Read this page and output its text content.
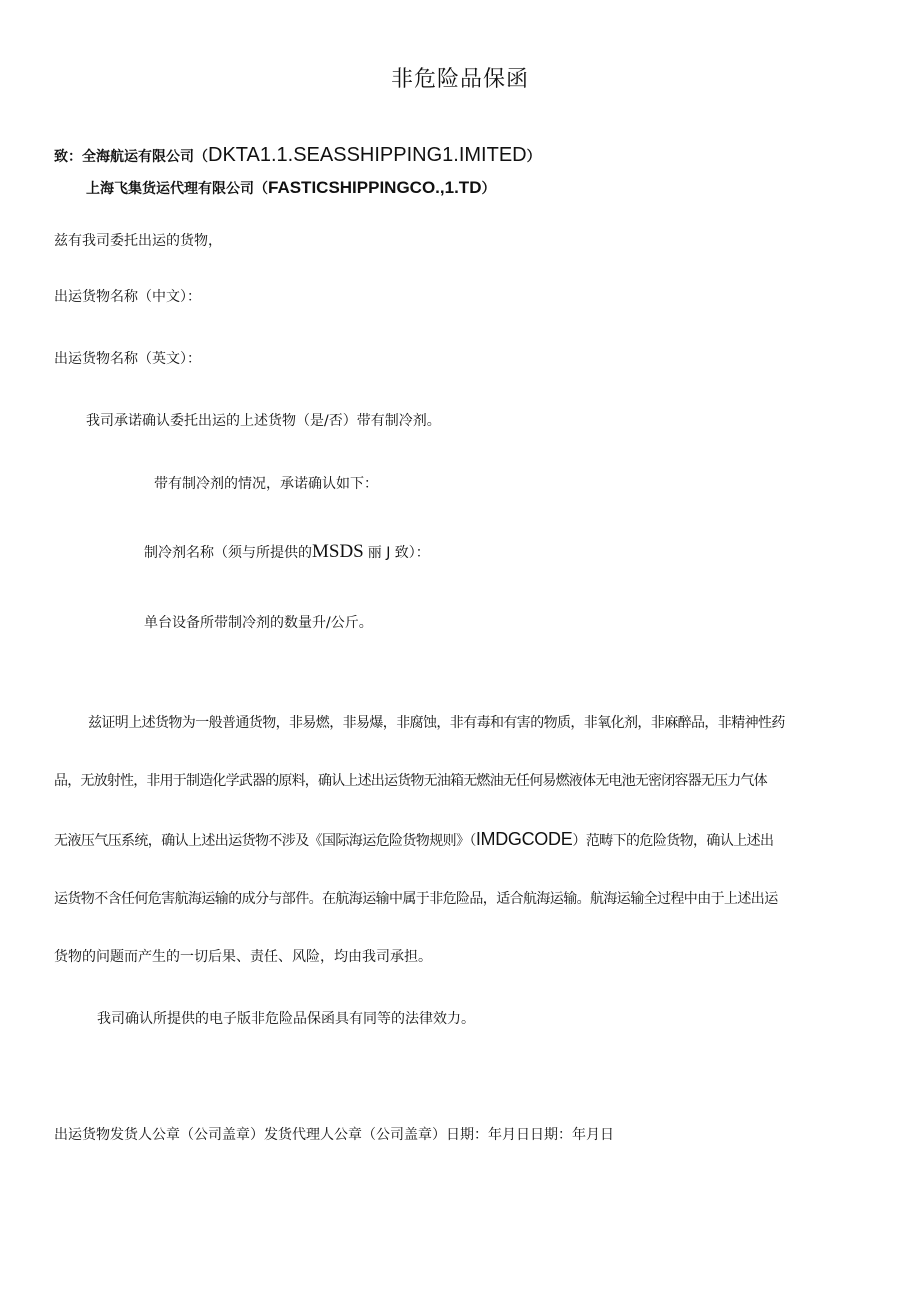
非危险品保函
致：全海航运有限公司（DKTA1.1.SEASSHIPPING1.IMITED）
上海飞集货运代理有限公司（FASTICSHIPPINGCO.,1.TD）
兹有我司委托出运的货物，
出运货物名称（中文）：
出运货物名称（英文）：
我司承诺确认委托出运的上述货物（是/否）带有制冷剂。
带有制冷剂的情况，承诺确认如下：
制冷剂名称（须与所提供的MSDS 丽 J 致）：
单台设备所带制冷剂的数量升/公斤。
兹证明上述货物为一般普通货物，非易燃，非易爆，非腐蚀，非有毒和有害的物质，非氧化剂，非麻醉品，非精神性药
品，无放射性，非用于制造化学武器的原料，确认上述出运货物无油箱无燃油无任何易燃液体无电池无密闭容器无压力气体
无液压气压系统，确认上述出运货物不涉及《国际海运危险货物规则》（IMDGCODE）范畴下的危险货物，确认上述出
运货物不含任何危害航海运输的成分与部件。在航海运输中属于非危险品，适合航海运输。航海运输全过程中由于上述出运
货物的问题而产生的一切后果、责任、风险，均由我司承担。
我司确认所提供的电子版非危险品保函具有同等的法律效力。
出运货物发货人公章（公司盖章）发货代理人公章（公司盖章）日期：年月日日期：年月日
